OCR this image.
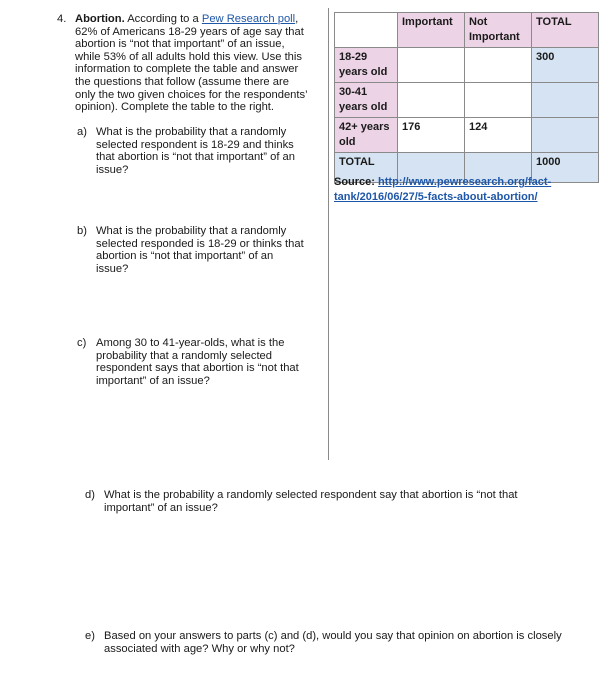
4. Abortion. According to a Pew Research poll,
62% of Americans 18-29 years of age say that
abortion is “not that important” of an issue,
while 53% of all adults hold this view. Use this
information to complete the table and answer
the questions that follow (assume there are
only the two given choices for the respondents’
opinion). Complete the table to the right.
a) What is the probability that a randomly
selected respondent is 18-29 and thinks
that abortion is “not that important” of an
issue?
b) What is the probability that a randomly
selected responded is 18-29 or thinks that
abortion is “not that important” of an
issue?
c) Among 30 to 41-year-olds, what is the
probability that a randomly selected
respondent says that abortion is “not that
important” of an issue?
	Important	Not Important	TOTAL
18-29 years old			300
30-41 years old			
42+ years old	176	124	
TOTAL			1000
Source: http://www.pewresearch.org/fact-
tank/2016/06/27/5-facts-about-abortion/
d) What is the probability a randomly selected respondent say that abortion is “not that
important” of an issue?
e) Based on your answers to parts (c) and (d), would you say that opinion on abortion is closely
associated with age? Why or why not?
